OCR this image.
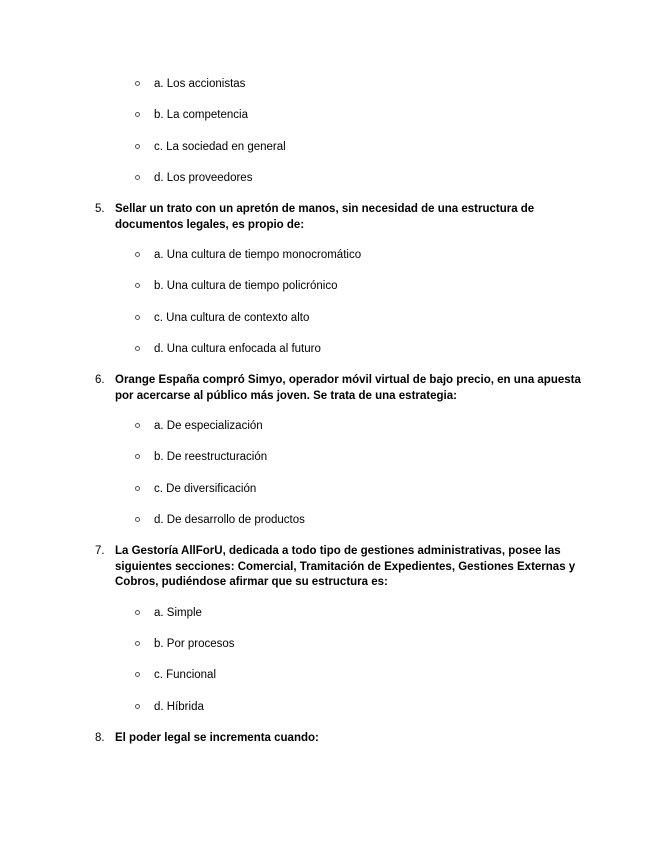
a. Los accionistas
b. La competencia
c. La sociedad en general
d. Los proveedores
5. Sellar un trato con un apretón de manos, sin necesidad de una estructura de documentos legales, es propio de:
a. Una cultura de tiempo monocromático
b. Una cultura de tiempo policrónico
c. Una cultura de contexto alto
d. Una cultura enfocada al futuro
6. Orange España compró Simyo, operador móvil virtual de bajo precio, en una apuesta por acercarse al público más joven. Se trata de una estrategia:
a. De especialización
b. De reestructuración
c. De diversificación
d. De desarrollo de productos
7. La Gestoría AllForU, dedicada a todo tipo de gestiones administrativas, posee las siguientes secciones: Comercial, Tramitación de Expedientes, Gestiones Externas y Cobros, pudiéndose afirmar que su estructura es:
a. Simple
b. Por procesos
c. Funcional
d. Híbrida
8. El poder legal se incrementa cuando:
